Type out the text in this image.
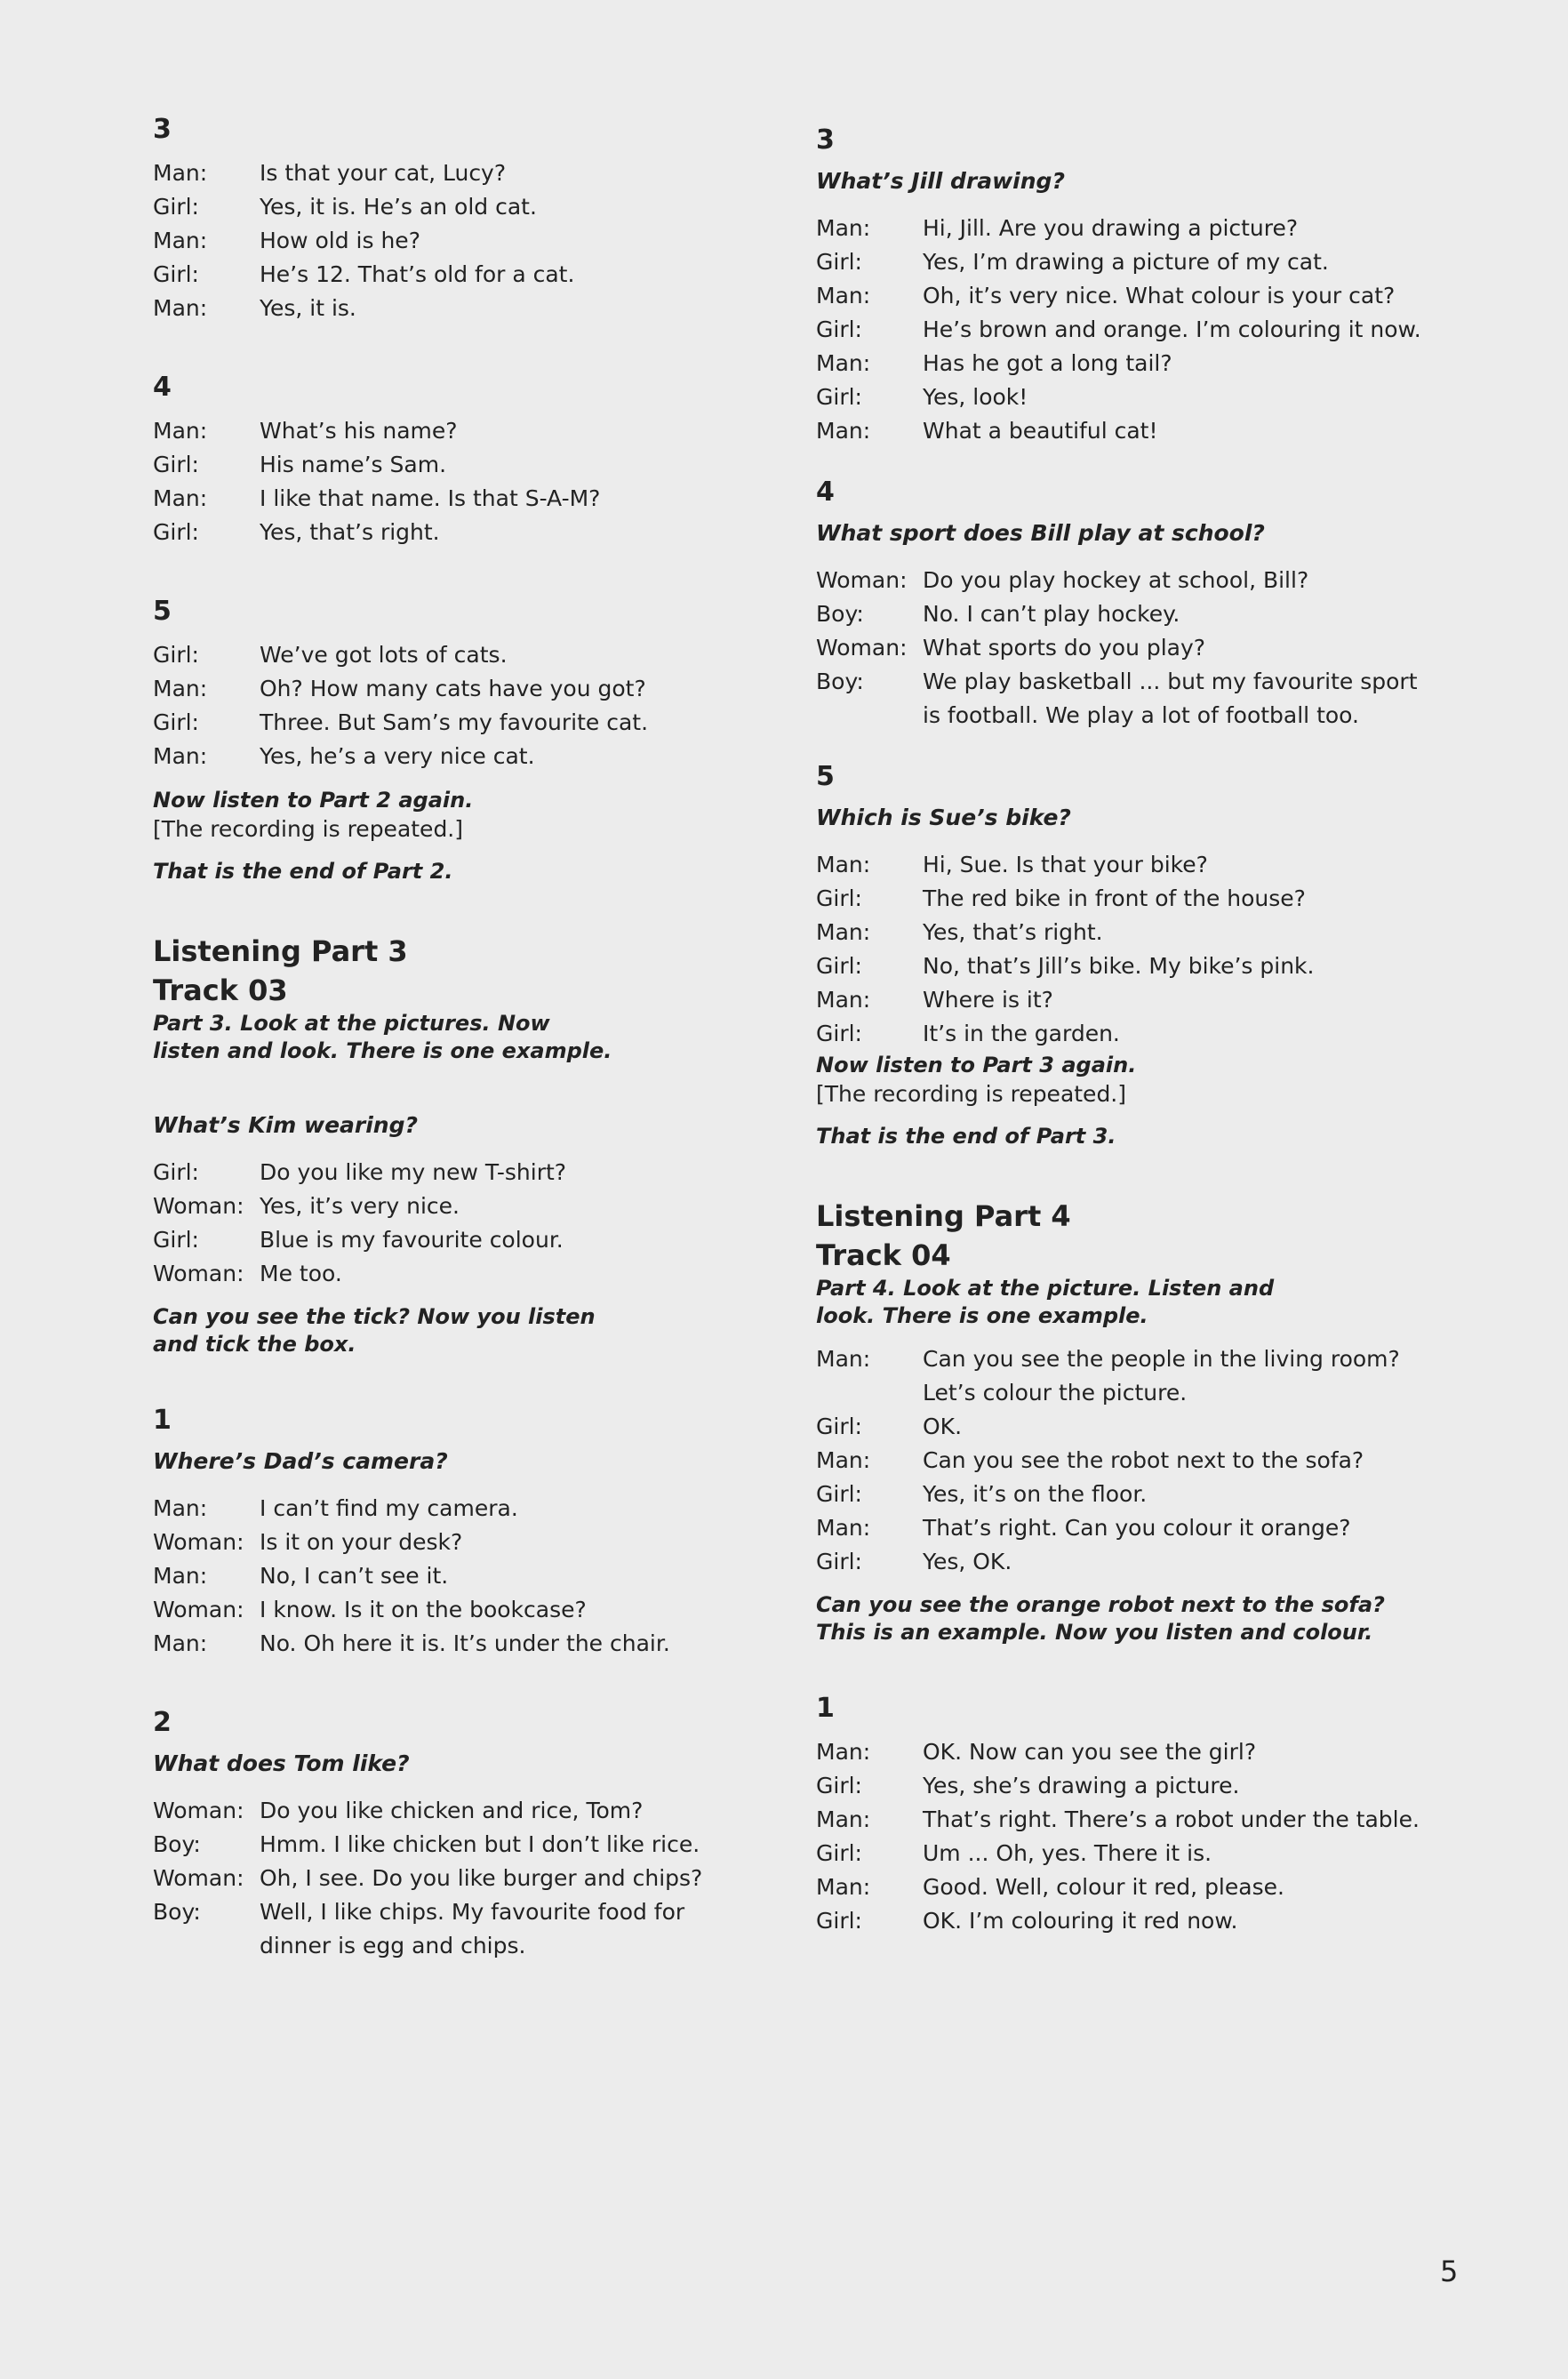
3
Man:	Is that your cat, Lucy?
Girl:	Yes, it is. He’s an old cat.
Man:	How old is he?
Girl:	He’s 12. That’s old for a cat.
Man:	Yes, it is.
4
Man:	What’s his name?
Girl:	His name’s Sam.
Man:	I like that name. Is that S-A-M?
Girl:	Yes, that’s right.
5
Girl:	We’ve got lots of cats.
Man:	Oh? How many cats have you got?
Girl:	Three. But Sam’s my favourite cat.
Man:	Yes, he’s a very nice cat.
Now listen to Part 2 again.
[The recording is repeated.]
That is the end of Part 2.
Listening Part 3
Track 03
Part 3. Look at the pictures. Now listen and look. There is one example.
What’s Kim wearing?
Girl:	Do you like my new T-shirt?
Woman: Yes, it’s very nice.
Girl:	Blue is my favourite colour.
Woman: Me too.
Can you see the tick? Now you listen and tick the box.
1
Where’s Dad’s camera?
Man:	I can’t find my camera.
Woman: Is it on your desk?
Man:	No, I can’t see it.
Woman: I know. Is it on the bookcase?
Man:	No. Oh here it is. It’s under the chair.
2
What does Tom like?
Woman: Do you like chicken and rice, Tom?
Boy:	Hmm. I like chicken but I don’t like rice.
Woman: Oh, I see. Do you like burger and chips?
Boy:	Well, I like chips. My favourite food for dinner is egg and chips.
3
What’s Jill drawing?
Man:	Hi, Jill. Are you drawing a picture?
Girl:	Yes, I’m drawing a picture of my cat.
Man:	Oh, it’s very nice. What colour is your cat?
Girl:	He’s brown and orange. I’m colouring it now.
Man:	Has he got a long tail?
Girl:	Yes, look!
Man:	What a beautiful cat!
4
What sport does Bill play at school?
Woman: Do you play hockey at school, Bill?
Boy:	No. I can’t play hockey.
Woman: What sports do you play?
Boy:	We play basketball ... but my favourite sport is football. We play a lot of football too.
5
Which is Sue’s bike?
Man:	Hi, Sue. Is that your bike?
Girl:	The red bike in front of the house?
Man:	Yes, that’s right.
Girl:	No, that’s Jill’s bike. My bike’s pink.
Man:	Where is it?
Girl:	It’s in the garden.
Now listen to Part 3 again.
[The recording is repeated.]
That is the end of Part 3.
Listening Part 4
Track 04
Part 4. Look at the picture. Listen and look. There is one example.
Man:	Can you see the people in the living room? Let’s colour the picture.
Girl:	OK.
Man:	Can you see the robot next to the sofa?
Girl:	Yes, it’s on the floor.
Man:	That’s right. Can you colour it orange?
Girl:	Yes, OK.
Can you see the orange robot next to the sofa? This is an example. Now you listen and colour.
1
Man:	OK. Now can you see the girl?
Girl:	Yes, she’s drawing a picture.
Man:	That’s right. There’s a robot under the table.
Girl:	Um ... Oh, yes. There it is.
Man:	Good. Well, colour it red, please.
Girl:	OK. I’m colouring it red now.
5
